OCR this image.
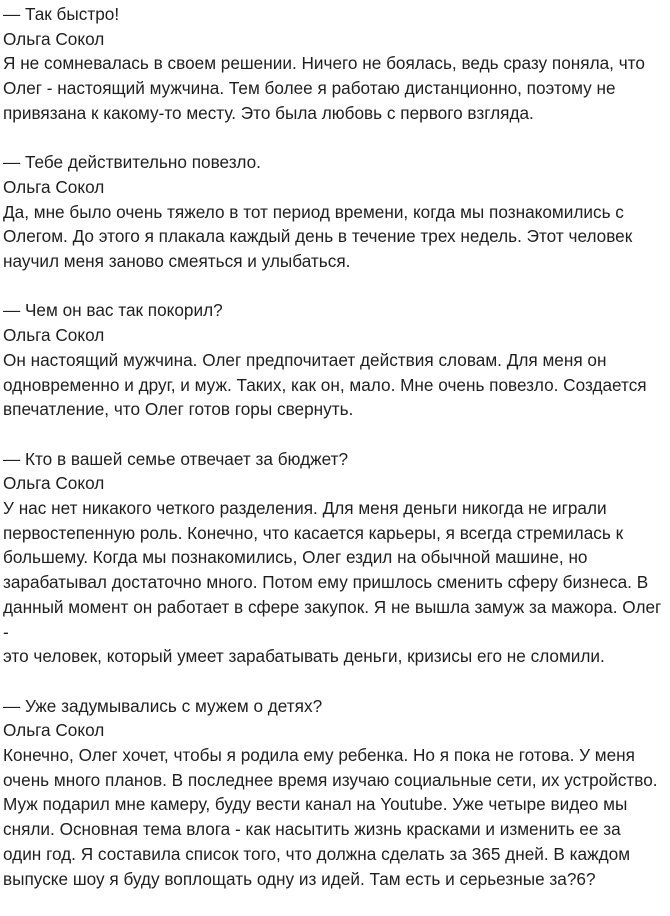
— Так быстро!
Ольга Сокол
Я не сомневалась в своем решении. Ничего не боялась, ведь сразу поняла, что
Олег - настоящий мужчина. Тем более я работаю дистанционно, поэтому не
привязана к какому-то месту. Это была любовь с первого взгляда.
— Тебе действительно повезло.
Ольга Сокол
Да, мне было очень тяжело в тот период времени, когда мы познакомились с
Олегом. До этого я плакала каждый день в течение трех недель. Этот человек
научил меня заново смеяться и улыбаться.
— Чем он вас так покорил?
Ольга Сокол
Он настоящий мужчина. Олег предпочитает действия словам. Для меня он
одновременно и друг, и муж. Таких, как он, мало. Мне очень повезло. Создается
впечатление, что Олег готов горы свернуть.
— Кто в вашей семье отвечает за бюджет?
Ольга Сокол
У нас нет никакого четкого разделения. Для меня деньги никогда не играли
первостепенную роль. Конечно, что касается карьеры, я всегда стремилась к
большему. Когда мы познакомились, Олег ездил на обычной машине, но
зарабатывал достаточно много. Потом ему пришлось сменить сферу бизнеса. В
данный момент он работает в сфере закупок. Я не вышла замуж за мажора. Олег -
это человек, который умеет зарабатывать деньги, кризисы его не сломили.
— Уже задумывались с мужем о детях?
Ольга Сокол
Конечно, Олег хочет, чтобы я родила ему ребенка. Но я пока не готова. У меня
очень много планов. В последнее время изучаю социальные сети, их устройство.
Муж подарил мне камеру, буду вести канал на Youtube. Уже четыре видео мы
сняли. Основная тема влога - как насытить жизнь красками и изменить ее за
один год. Я составила список того, что должна сделать за 365 дней. В каждом
выпуске шоу я буду воплощать одну из идей. Там есть и серьезные за?6?
